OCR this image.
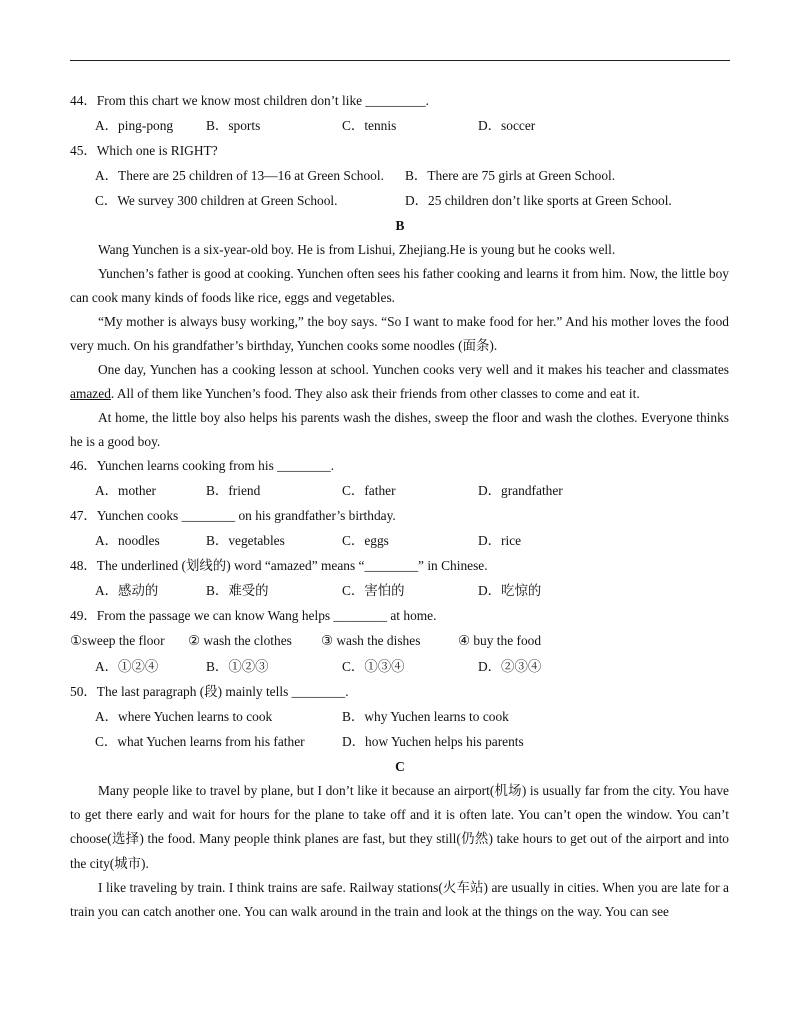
44．From this chart we know most children don’t like _________.
A．ping-pong B．sports	C．tennis	D．soccer
45．Which one is RIGHT?
A．There are 25 children of 13—16 at Green School. B．There are 75 girls at Green School.
C．We survey 300 children at Green School.	D．25 children don’t like sports at Green School.
B
Wang Yunchen is a six-year-old boy. He is from Lishui, Zhejiang.He is young but he cooks well.
Yunchen’s father is good at cooking. Yunchen often sees his father cooking and learns it from him. Now, the little boy can cook many kinds of foods like rice, eggs and vegetables.
“My mother is always busy working,” the boy says. “So I want to make food for her.” And his mother loves the food very much. On his grandfather’s birthday, Yunchen cooks some noodles (面条).
One day, Yunchen has a cooking lesson at school. Yunchen cooks very well and it makes his teacher and classmates amazed. All of them like Yunchen’s food. They also ask their friends from other classes to come and eat it.
At home, the little boy also helps his parents wash the dishes, sweep the floor and wash the clothes. Everyone thinks he is a good boy.
46．Yunchen learns cooking from his ________.
A．mother	B．friend	C．father	D．grandfather
47．Yunchen cooks ________ on his grandfather’s birthday.
A．noodles	B．vegetables	C．eggs	D．rice
48．The underlined (划线的) word “amazed” means “________” in Chinese.
A．感动的	B．难受的	C．害怕的	D．吃惊的
49．From the passage we can know Wang helps ________ at home.
①sweep the floor ② wash the clothes ③ wash the dishes	④ buy the food
A．①②④	B．①②③	C．①③④	D．②③④
50．The last paragraph (段) mainly tells ________.
A．where Yuchen learns to cook	B．why Yuchen learns to cook
C．what Yuchen learns from his father	D．how Yuchen helps his parents
C
Many people like to travel by plane, but I don’t like it because an airport(机场) is usually far from the city. You have to get there early and wait for hours for the plane to take off and it is often late. You can’t open the window. You can’t choose(选择) the food. Many people think planes are fast, but they still(仍然) take hours to get out of the airport and into the city(城市).
I like traveling by train. I think trains are safe. Railway stations(火车站) are usually in cities. When you are late for a train you can catch another one. You can walk around in the train and look at the things on the way. You can see
